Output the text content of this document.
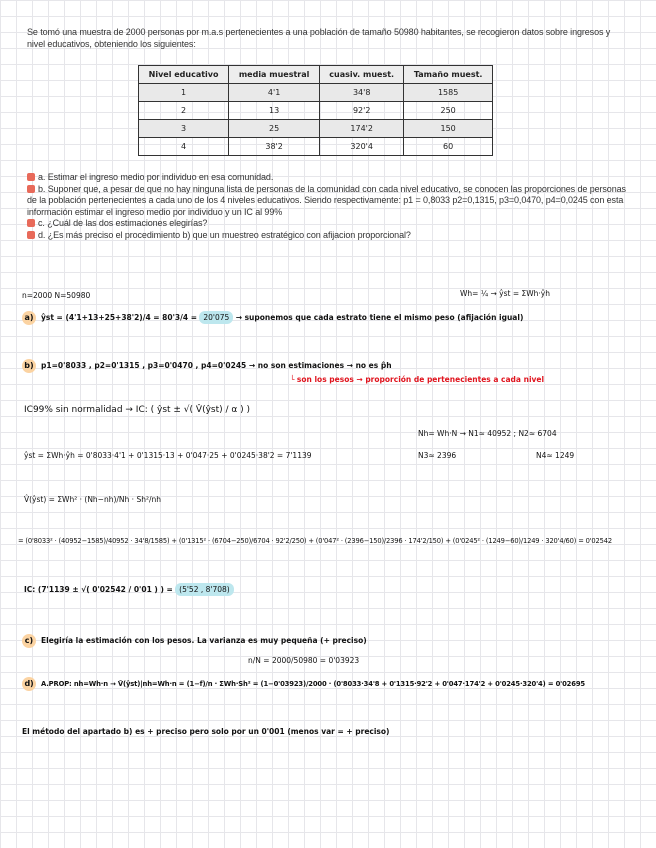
Se tomó una muestra de 2000 personas por m.a.s pertenecientes a una población de tamaño 50980 habitantes, se recogieron datos sobre ingresos y nivel educativos, obteniendo los siguientes:
Nivel educativo	media muestral	cuasiv. muest.	Tamaño muest.
1	4'1	34'8	1585
2	13	92'2	250
3	25	174'2	150
4	38'2	320'4	60
a. Estimar el ingreso medio por individuo en esa comunidad.
b. Suponer que, a pesar de que no hay ninguna lista de personas de la comunidad con cada nivel educativo, se conocen las proporciones de personas de la población pertenecientes a cada uno de los 4 niveles educativos. Siendo respectivamente: p1 = 0,8033 p2=0,1315, p3=0,0470, p4=0,0245 con esta información estimar el ingreso medio por individuo y un IC al 99%
c. ¿Cuál de las dos estimaciones elegirías?
d. ¿Es más preciso el procedimiento b) que un muestreo estratégico con afijacion proporcional?
n=2000 N=50980	Wh= ¼ → ŷst = ΣWh·ŷh
a) ŷst = (4'1+13+25+38'2)/4 = 80'3/4 = 20'075 → suponemos que cada estrato tiene el mismo peso (afijación igual)
b) p1=0'8033 , p2=0'1315 , p3=0'0470 , p4=0'0245 → no son estimaciones → no es p̂h
└ son los pesos → proporción de pertenecientes a cada nivel
IC99% sin normalidad → IC: ( ŷst ± √( V̂(ŷst) / α ) )
Nh= Wh·N → N1≈ 40952 ; N2≈ 6704
N3≈ 2396	N4≈ 1249
ŷst = ΣWh·ŷh = 0'8033·4'1 + 0'1315·13 + 0'047·25 + 0'0245·38'2 = 7'1139
V̂(ŷst) = ΣWh² · (Nh−nh)/Nh · Sh²/nh
= (0'8033² · (40952−1585)/40952 · 34'8/1585) + (0'1315² · (6704−250)/6704 · 92'2/250) + (0'047² · (2396−150)/2396 · 174'2/150) + (0'0245² · (1249−60)/1249 · 320'4/60) = 0'02542
IC: (7'1139 ± √( 0'02542 / 0'01 ) ) = (5'52 , 8'708)
c) Elegiría la estimación con los pesos. La varianza es muy pequeña (+ preciso)
n/N = 2000/50980 = 0'03923
d) A.PROP: nh=Wh·n → V̂(ŷst)|nh=Wh·n = (1−f)/n · ΣWh·Sh² = (1−0'03923)/2000 · (0'8033·34'8 + 0'1315·92'2 + 0'047·174'2 + 0'0245·320'4) = 0'02695
El método del apartado b) es + preciso pero solo por un 0'001 (menos var = + preciso)
